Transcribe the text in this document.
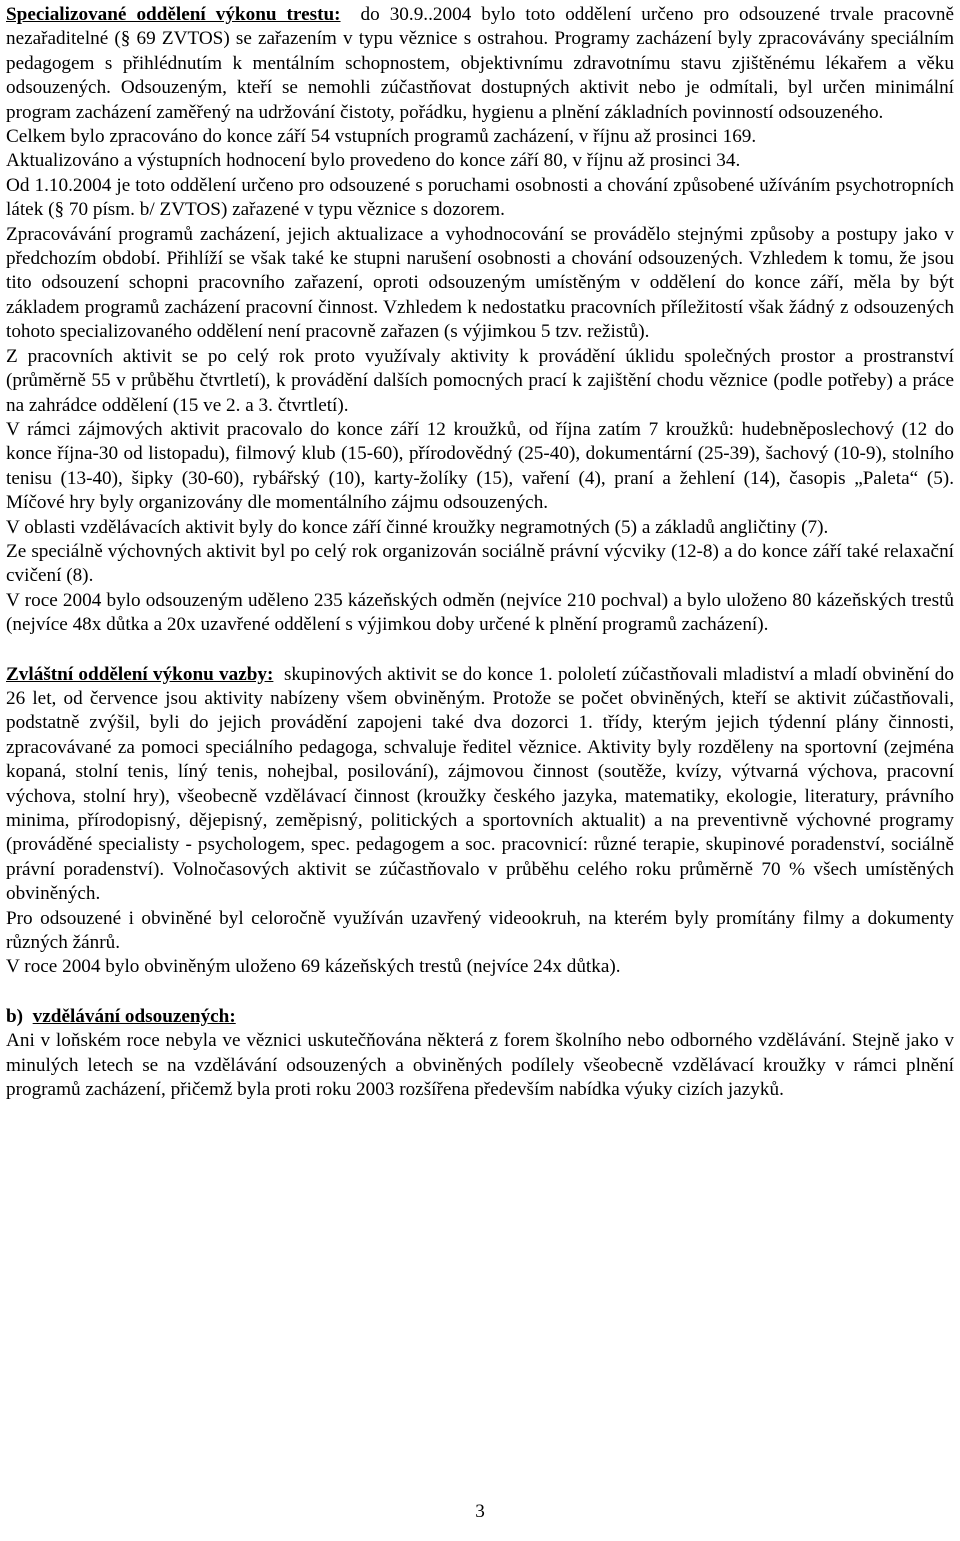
Specializované oddělení výkonu trestu: do 30.9..2004 bylo toto oddělení určeno pro odsouzené trvale pracovně nezařaditelné (§ 69 ZVTOS) se zařazením v typu věznice s ostrahou. Programy zacházení byly zpracovávány speciálním pedagogem s přihlédnutím k mentálním schopnostem, objektivnímu zdravotnímu stavu zjištěnému lékařem a věku odsouzených. Odsouzeným, kteří se nemohli zúčastňovat dostupných aktivit nebo je odmítali, byl určen minimální program zacházení zaměřený na udržování čistoty, pořádku, hygienu a plnění základních povinností odsouzeného.

Celkem bylo zpracováno do konce září 54 vstupních programů zacházení, v říjnu až prosinci 169.

Aktualizováno a výstupních hodnocení bylo provedeno do konce září 80, v říjnu až prosinci 34.

Od 1.10.2004 je toto oddělení určeno pro odsouzené s poruchami osobnosti a chování způsobené užíváním psychotropních látek (§ 70 písm. b/ ZVTOS) zařazené v typu věznice s dozorem.

Zpracovávání programů zacházení, jejich aktualizace a vyhodnocování se provádělo stejnými způsoby a postupy jako v předchozím období. Přihlíží se však také ke stupni narušení osobnosti a chování odsouzených. Vzhledem k tomu, že jsou tito odsouzení schopni pracovního zařazení, oproti odsouzeným umístěným v oddělení do konce září, měla by být základem programů zacházení pracovní činnost. Vzhledem k nedostatku pracovních příležitostí však žádný z odsouzených tohoto specializovaného oddělení není pracovně zařazen (s výjimkou 5 tzv. režistů).

Z pracovních aktivit se po celý rok proto využívaly aktivity k provádění úklidu společných prostor a prostranství (průměrně 55 v průběhu čtvrtletí), k provádění dalších pomocných prací k zajištění chodu věznice (podle potřeby) a práce na zahrádce oddělení (15 ve 2. a 3. čtvrtletí).

V rámci zájmových aktivit pracovalo do konce září 12 kroužků, od října zatím 7 kroužků: hudebněposlechový (12 do konce října-30 od listopadu), filmový klub (15-60), přírodovědný (25-40), dokumentární (25-39), šachový (10-9), stolního tenisu (13-40), šipky (30-60), rybářský (10), karty-žolíky (15), vaření (4), praní a žehlení (14), časopis „Paleta“ (5). Míčové hry byly organizovány dle momentálního zájmu odsouzených.

V oblasti vzdělávacích aktivit byly do konce září činné kroužky negramotných (5) a základů angličtiny (7).

Ze speciálně výchovných aktivit byl po celý rok organizován sociálně právní výcviky (12-8) a do konce září také relaxační cvičení (8).

V roce 2004 bylo odsouzeným uděleno 235 kázeňských odměn (nejvíce 210 pochval) a bylo uloženo 80 kázeňských trestů (nejvíce 48x důtka a 20x uzavřené oddělení s výjimkou doby určené k plnění programů zacházení).

Zvláštní oddělení výkonu vazby: skupinových aktivit se do konce 1. pololetí zúčastňovali mladiství a mladí obvinění do 26 let, od července jsou aktivity nabízeny všem obviněným. Protože se počet obviněných, kteří se aktivit zúčastňovali, podstatně zvýšil, byli do jejich provádění zapojeni také dva dozorci 1. třídy, kterým jejich týdenní plány činnosti, zpracovávané za pomoci speciálního pedagoga, schvaluje ředitel věznice. Aktivity byly rozděleny na sportovní (zejména kopaná, stolní tenis, líný tenis, nohejbal, posilování), zájmovou činnost (soutěže, kvízy, výtvarná výchova, pracovní výchova, stolní hry), všeobecně vzdělávací činnost (kroužky českého jazyka, matematiky, ekologie, literatury, právního minima, přírodopisný, dějepisný, zeměpisný, politických a sportovních aktualit) a na preventivně výchovné programy (prováděné specialisty - psychologem, spec. pedagogem a soc. pracovnicí: různé terapie, skupinové poradenství, sociálně právní poradenství). Volnočasových aktivit se zúčastňovalo v průběhu celého roku průměrně 70 % všech umístěných obviněných.

Pro odsouzené i obviněné byl celoročně využíván uzavřený videookruh, na kterém byly promítány filmy a dokumenty různých žánrů.

V roce 2004 bylo obviněným uloženo 69 kázeňských trestů (nejvíce 24x důtka).

b) vzdělávání odsouzených:

Ani v loňském roce nebyla ve věznici uskutečňována některá z forem školního nebo odborného vzdělávání. Stejně jako v minulých letech se na vzdělávání odsouzených a obviněných podílely všeobecně vzdělávací kroužky v rámci plnění programů zacházení, přičemž byla proti roku 2003 rozšířena především nabídka výuky cizích jazyků.

3
